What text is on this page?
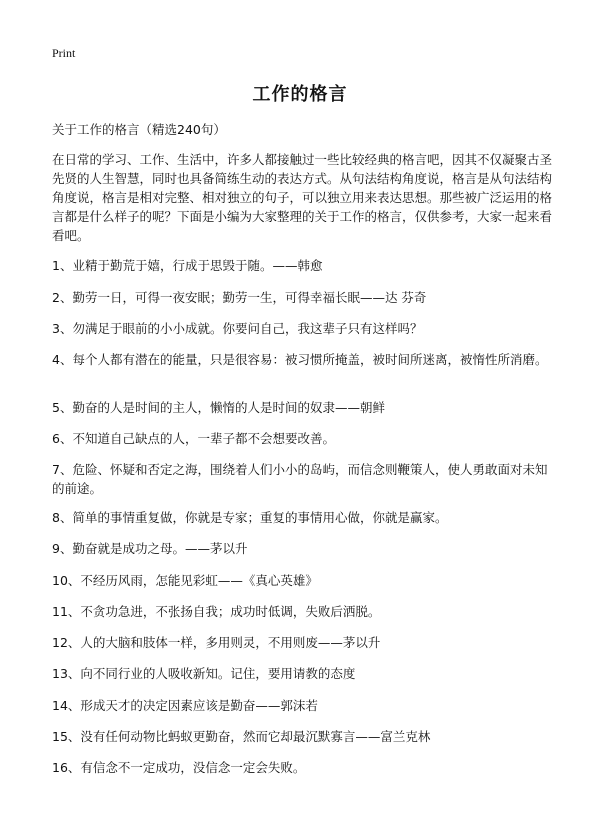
Print
工作的格言
关于工作的格言（精选240句）
在日常的学习、工作、生活中，许多人都接触过一些比较经典的格言吧，因其不仅凝聚古圣先贤的人生智慧，同时也具备简练生动的表达方式。从句法结构角度说，格言是从句法结构角度说，格言是相对完整、相对独立的句子，可以独立用来表达思想。那些被广泛运用的格言都是什么样子的呢？下面是小编为大家整理的关于工作的格言，仅供参考，大家一起来看看吧。
1、业精于勤荒于嬉，行成于思毁于随。——韩愈
2、勤劳一日，可得一夜安眠；勤劳一生，可得幸福长眠——达 芬奇
3、勿满足于眼前的小小成就。你要问自己，我这辈子只有这样吗？
4、每个人都有潜在的能量，只是很容易：被习惯所掩盖，被时间所迷离，被惰性所消磨。
5、勤奋的人是时间的主人，懒惰的人是时间的奴隶——朝鲜
6、不知道自己缺点的人，一辈子都不会想要改善。
7、危险、怀疑和否定之海，围绕着人们小小的岛屿，而信念则鞭策人，使人勇敢面对未知的前途。
8、简单的事情重复做，你就是专家；重复的事情用心做，你就是赢家。
9、勤奋就是成功之母。——茅以升
10、不经历风雨，怎能见彩虹——《真心英雄》
11、不贪功急进，不张扬自我；成功时低调，失败后洒脱。
12、人的大脑和肢体一样，多用则灵，不用则废——茅以升
13、向不同行业的人吸收新知。记住，要用请教的态度
14、形成天才的决定因素应该是勤奋——郭沫若
15、没有任何动物比蚂蚁更勤奋，然而它却最沉默寡言——富兰克林
16、有信念不一定成功，没信念一定会失败。
